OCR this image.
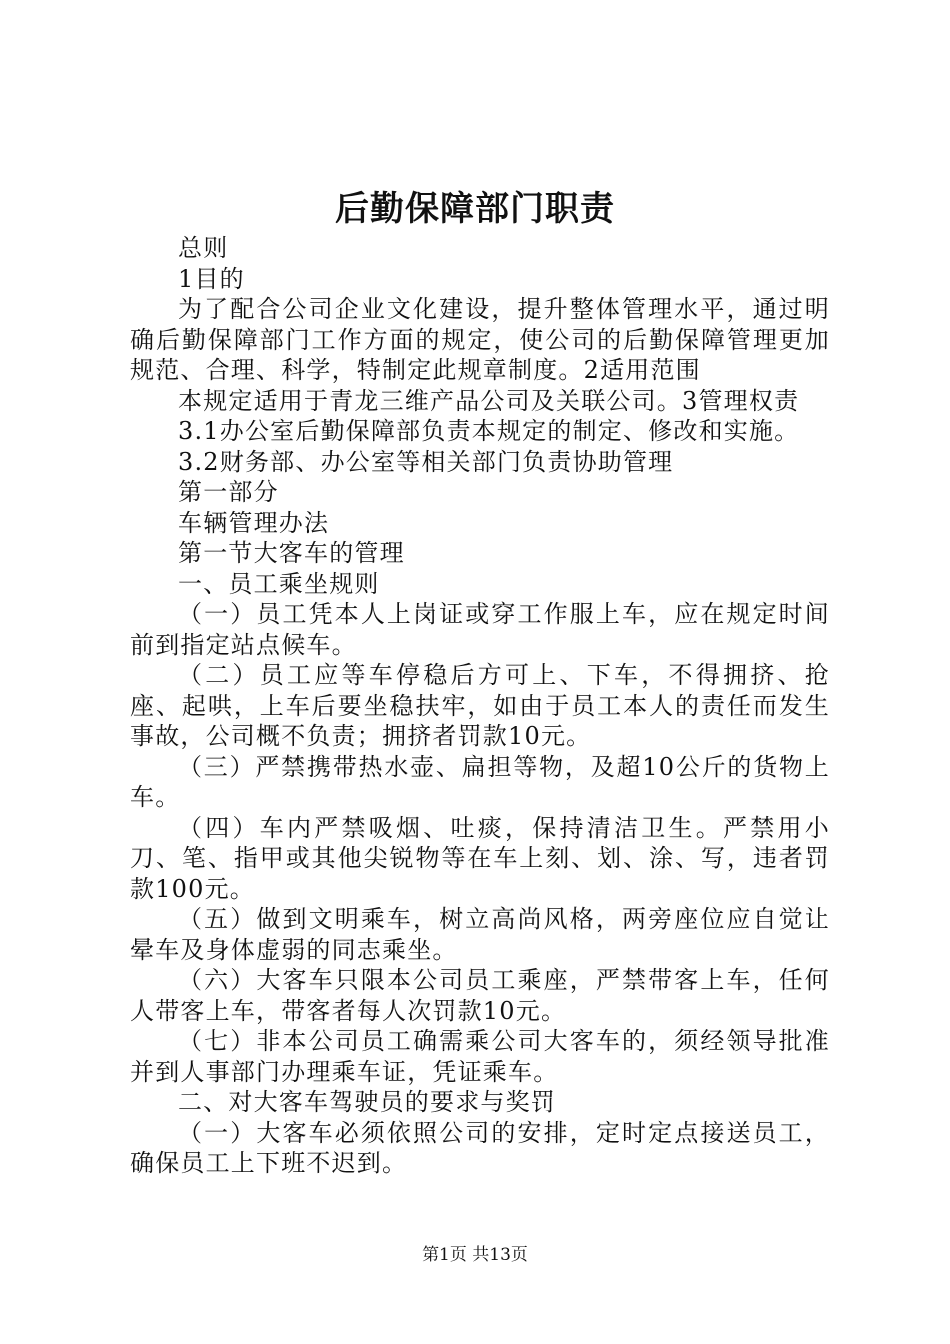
后勤保障部门职责

总则

1目的

为了配合公司企业文化建设，提升整体管理水平，通过明确后勤保障部门工作方面的规定，使公司的后勤保障管理更加规范、合理、科学，特制定此规章制度。2适用范围

本规定适用于青龙三维产品公司及关联公司。3管理权责

3.1办公室后勤保障部负责本规定的制定、修改和实施。

3.2财务部、办公室等相关部门负责协助管理

第一部分

车辆管理办法

第一节大客车的管理

一、员工乘坐规则

（一）员工凭本人上岗证或穿工作服上车，应在规定时间前到指定站点候车。

（二）员工应等车停稳后方可上、下车，不得拥挤、抢座、起哄，上车后要坐稳扶牢，如由于员工本人的责任而发生事故，公司概不负责；拥挤者罚款10元。

（三）严禁携带热水壶、扁担等物，及超10公斤的货物上车。

（四）车内严禁吸烟、吐痰，保持清洁卫生。严禁用小刀、笔、指甲或其他尖锐物等在车上刻、划、涂、写，违者罚款100元。

（五）做到文明乘车，树立高尚风格，两旁座位应自觉让晕车及身体虚弱的同志乘坐。

（六）大客车只限本公司员工乘座，严禁带客上车，任何人带客上车，带客者每人次罚款10元。

（七）非本公司员工确需乘公司大客车的，须经领导批准并到人事部门办理乘车证，凭证乘车。

二、对大客车驾驶员的要求与奖罚

（一）大客车必须依照公司的安排，定时定点接送员工，确保员工上下班不迟到。

第1页 共13页
